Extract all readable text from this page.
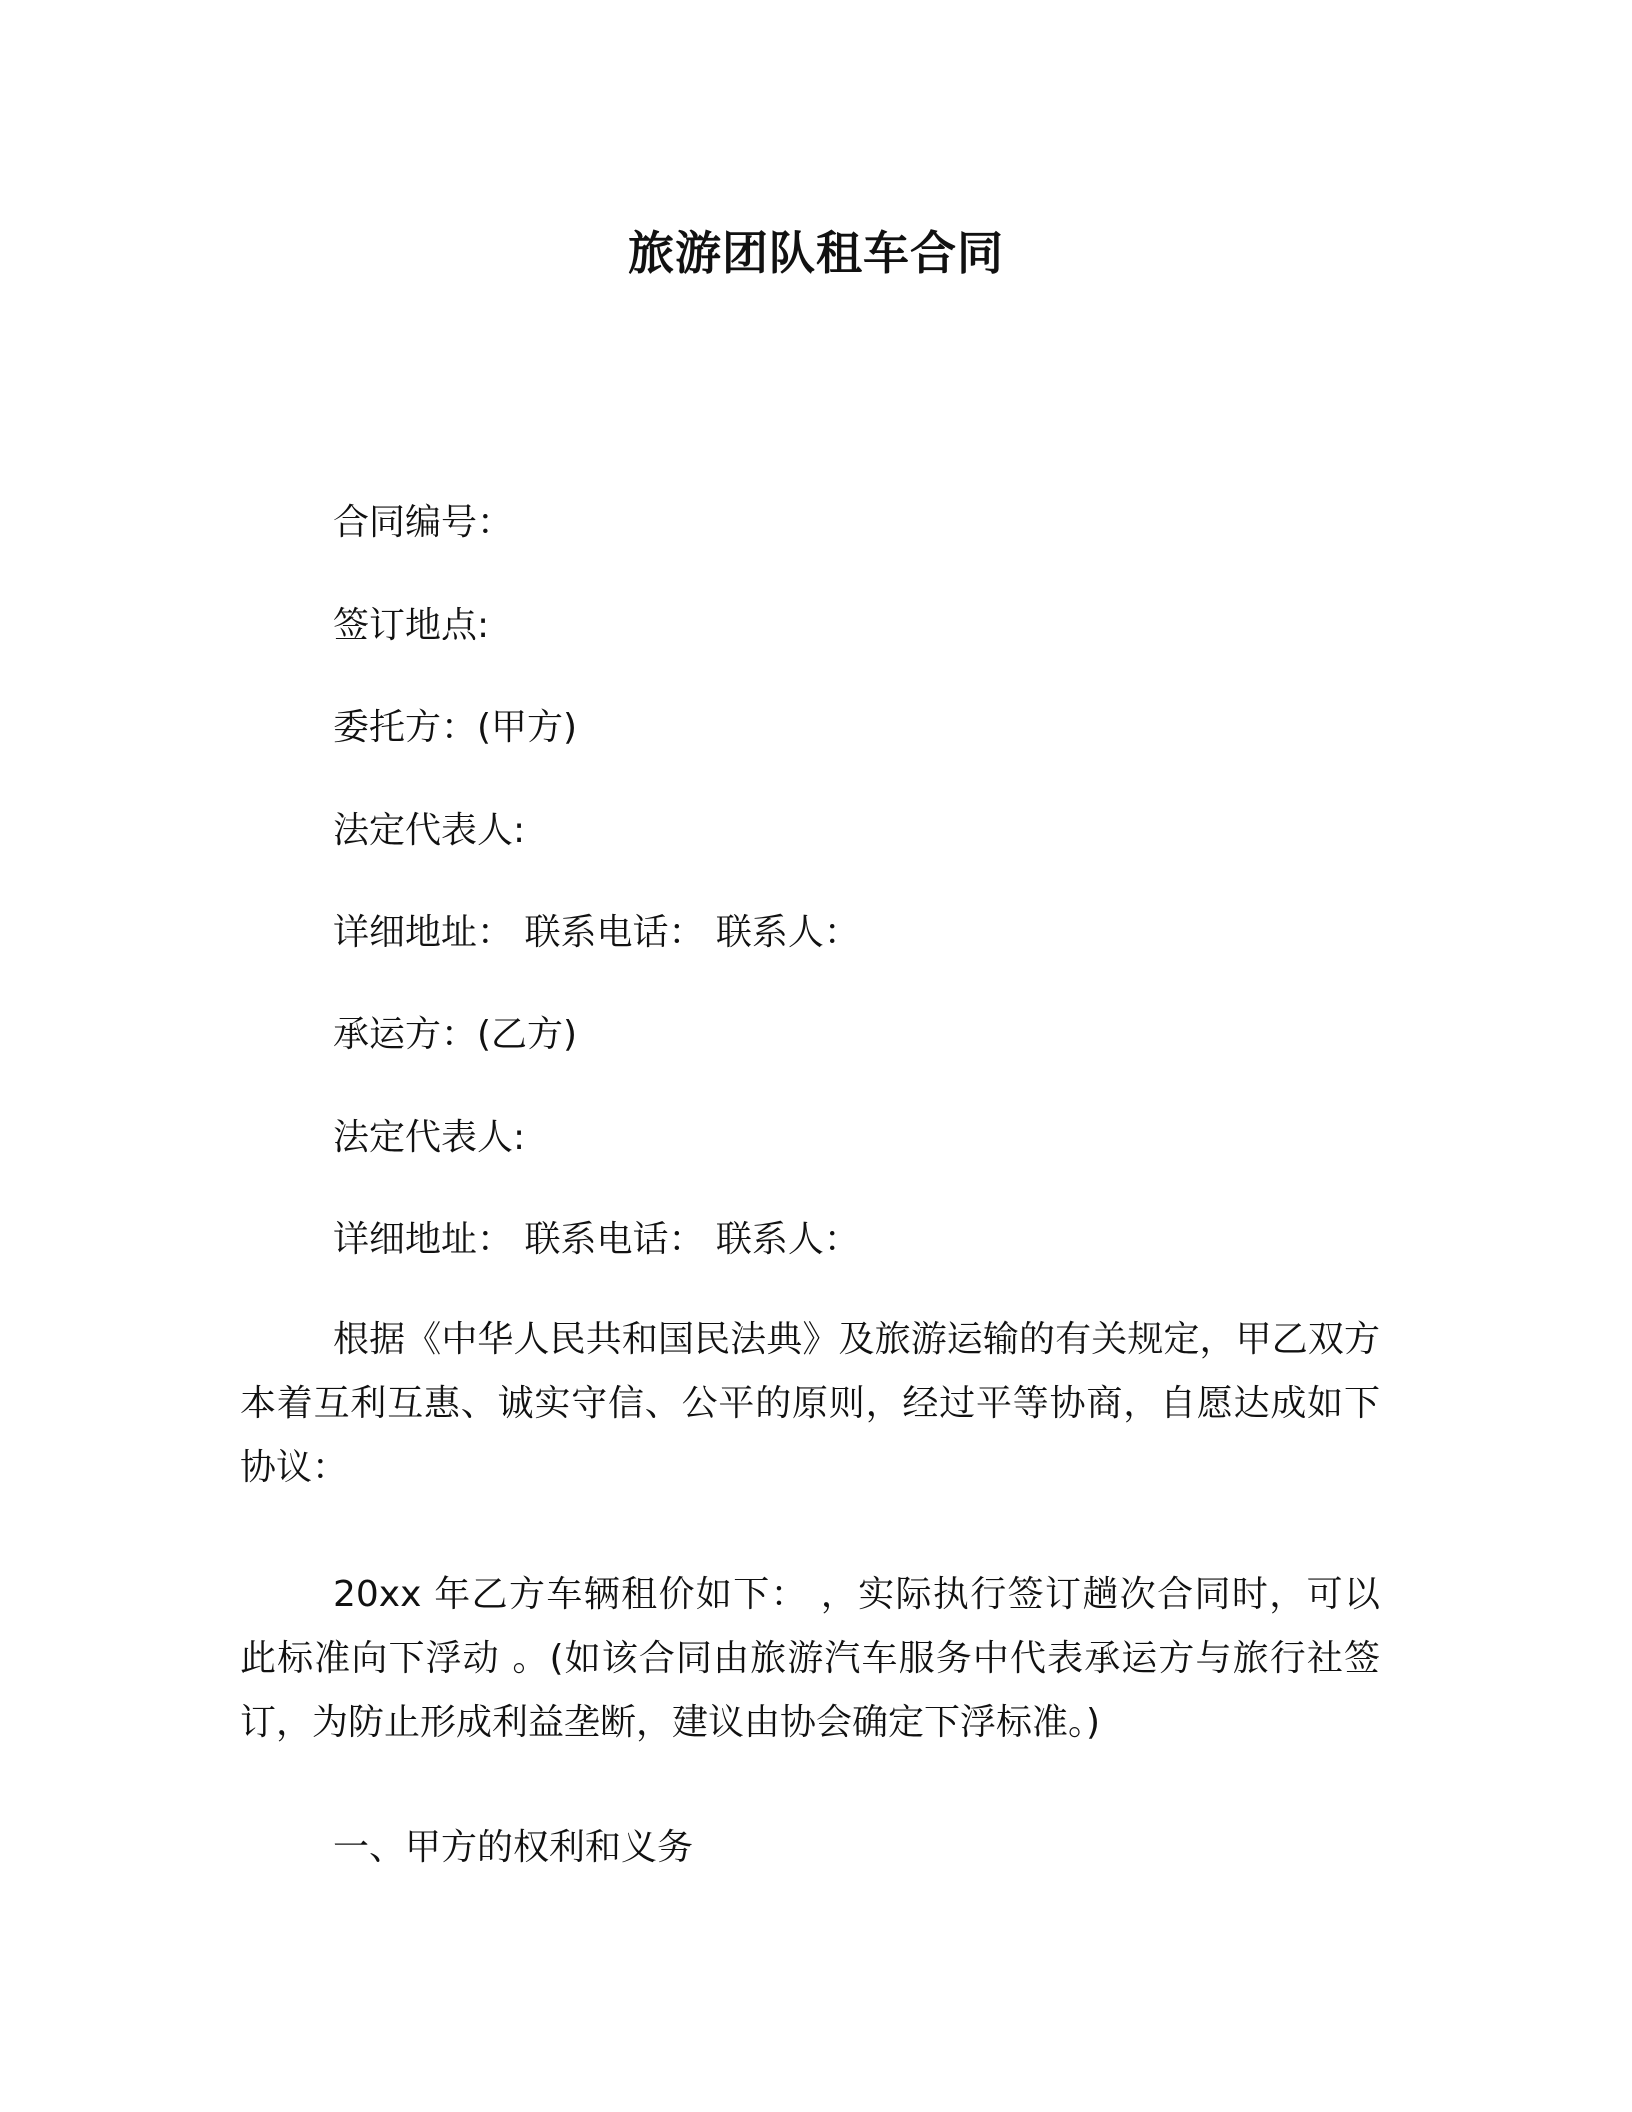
旅游团队租车合同
合同编号：
签订地点:
委托方：(甲方)
法定代表人:
详细地址： 联系电话： 联系人：
承运方：(乙方)
法定代表人:
详细地址： 联系电话： 联系人：

根据《中华人民共和国民法典》及旅游运输的有关规定，甲乙双方本着互利互惠、诚实守信、公平的原则，经过平等协商，自愿达成如下协议：

20xx 年乙方车辆租价如下： ，实际执行签订趟次合同时，可以此标准向下浮动 。(如该合同由旅游汽车服务中代表承运方与旅行社签订，为防止形成利益垄断，建议由协会确定下浮标准。)

一、甲方的权利和义务
